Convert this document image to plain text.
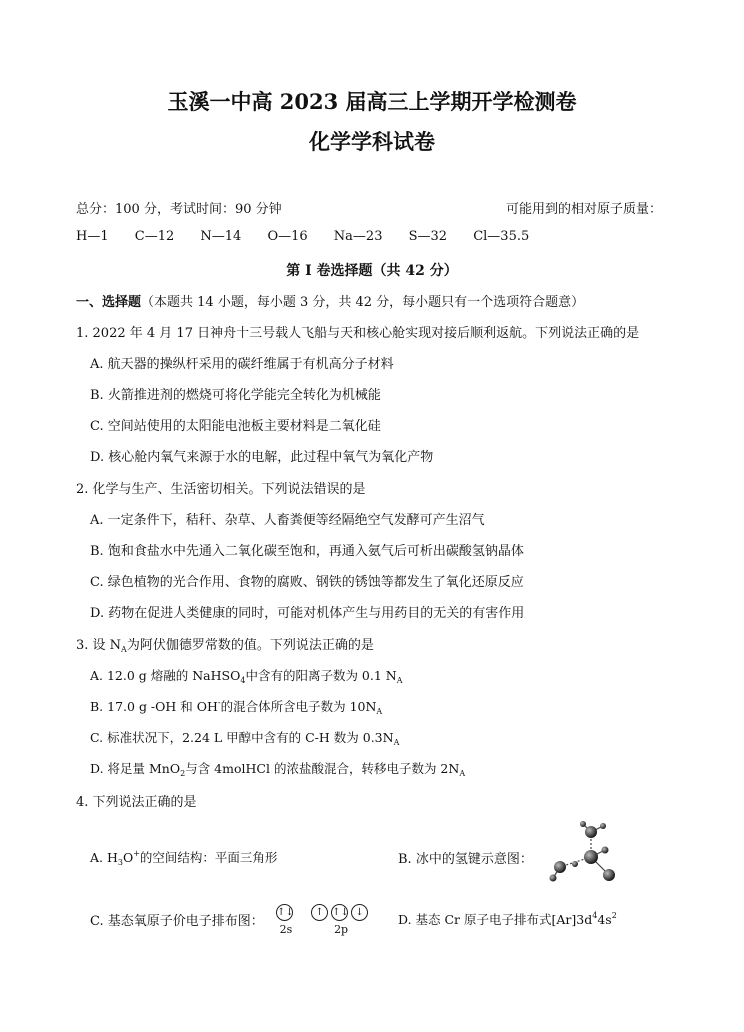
玉溪一中高 2023 届高三上学期开学检测卷
化学学科试卷
总分：100 分，考试时间：90 分钟	可能用到的相对原子质量：
H—1 C—12 N—14 O—16 Na—23 S—32 Cl—35.5
第 I 卷选择题（共 42 分）
一、选择题（本题共 14 小题，每小题 3 分，共 42 分，每小题只有一个选项符合题意）
1. 2022 年 4 月 17 日神舟十三号载人飞船与天和核心舱实现对接后顺利返航。下列说法正确的是
A. 航天器的操纵杆采用的碳纤维属于有机高分子材料
B. 火箭推进剂的燃烧可将化学能完全转化为机械能
C. 空间站使用的太阳能电池板主要材料是二氧化硅
D. 核心舱内氧气来源于水的电解，此过程中氧气为氧化产物
2. 化学与生产、生活密切相关。下列说法错误的是
A. 一定条件下，秸秆、杂草、人畜粪便等经隔绝空气发酵可产生沼气
B. 饱和食盐水中先通入二氧化碳至饱和，再通入氨气后可析出碳酸氢钠晶体
C. 绿色植物的光合作用、食物的腐败、钢铁的锈蚀等都发生了氧化还原反应
D. 药物在促进人类健康的同时，可能对机体产生与用药目的无关的有害作用
3. 设 $N_A$为阿伏伽德罗常数的值。下列说法正确的是
A. 12.0 g 熔融的 NaHSO$_4$中含有的阳离子数为 0.1 $N_A$
B. 17.0 g -OH 和 OH-的混合体所含电子数为 $10N_A$
C. 标准状况下，2.24 L 甲醇中含有的 C-H 数为 $0.3N_A$
D. 将足量 MnO$_2$与含 4molHCl 的浓盐酸混合，转移电子数为 $2N_A$
4. 下列说法正确的是
A. $H_3O^+$的空间结构：平面三角形	B. 冰中的氢键示意图：
C. 基态氧原子价电子排布图：
↑↓
2s

↑ ↑↓ ↓
2p
D. 基态 Cr 原子电子排布式$[Ar]3d^44s^2$
